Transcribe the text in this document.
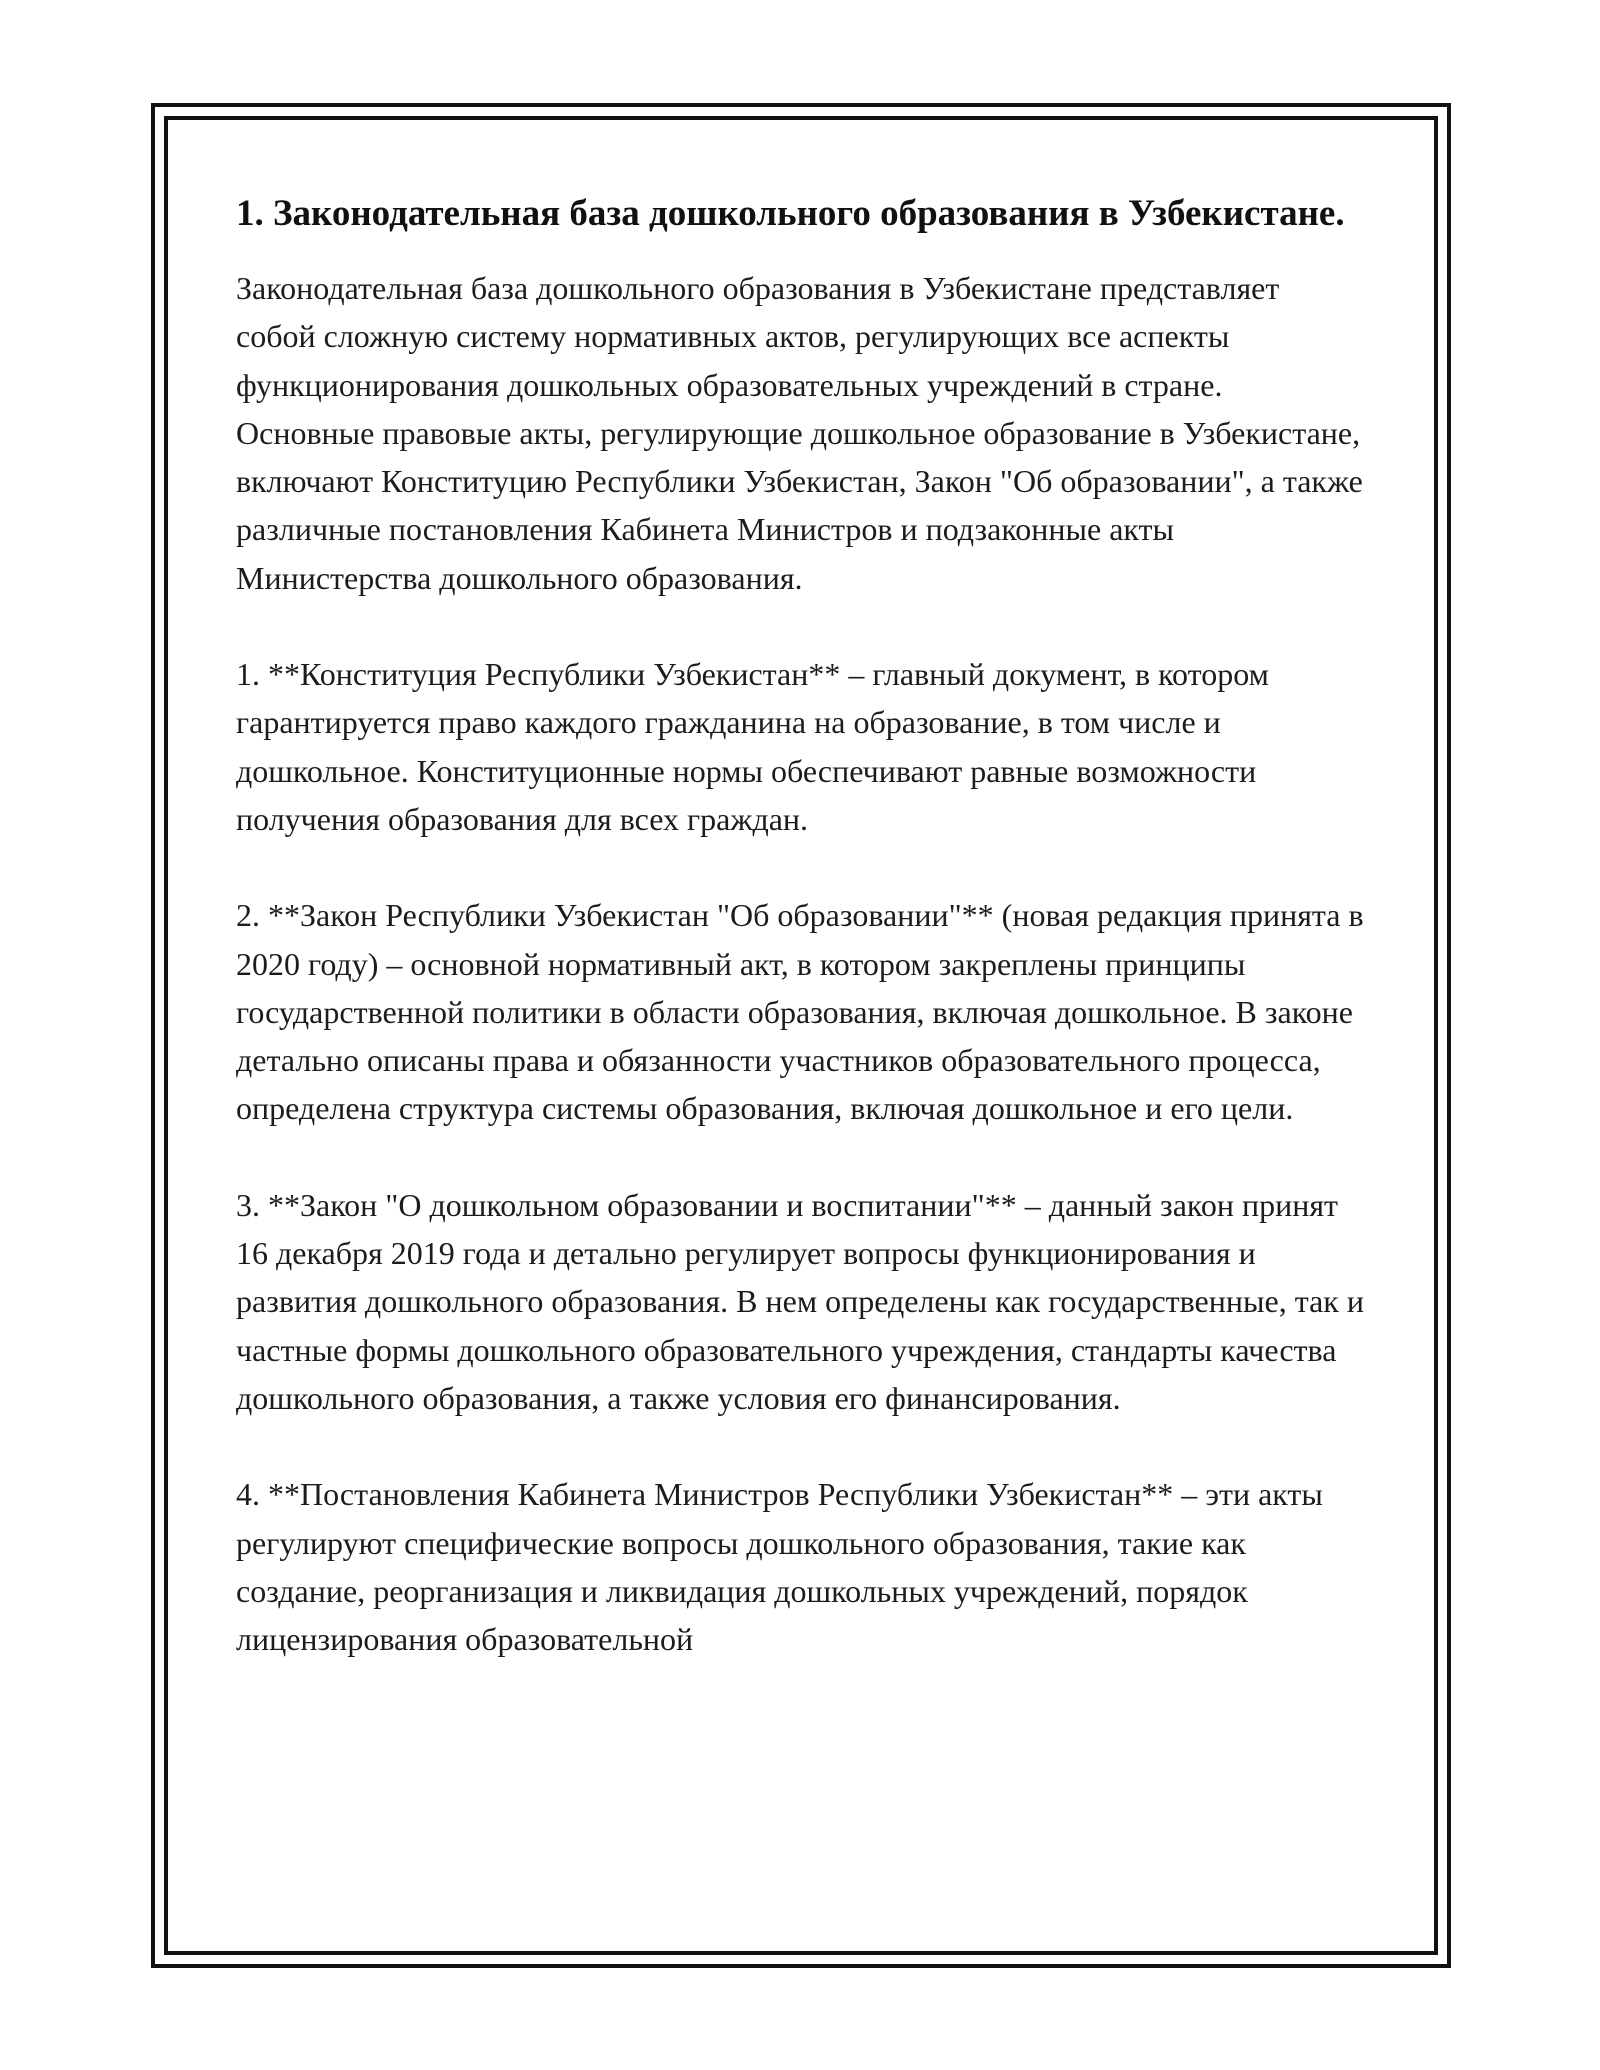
1. Законодательная база дошкольного образования в Узбекистане.

Законодательная база дошкольного образования в Узбекистане представляет собой сложную систему нормативных актов, регулирующих все аспекты функционирования дошкольных образовательных учреждений в стране. Основные правовые акты, регулирующие дошкольное образование в Узбекистане, включают Конституцию Республики Узбекистан, Закон "Об образовании", а также различные постановления Кабинета Министров и подзаконные акты Министерства дошкольного образования.

1. **Конституция Республики Узбекистан** – главный документ, в котором гарантируется право каждого гражданина на образование, в том числе и дошкольное. Конституционные нормы обеспечивают равные возможности получения образования для всех граждан.

2. **Закон Республики Узбекистан "Об образовании"** (новая редакция принята в 2020 году) – основной нормативный акт, в котором закреплены принципы государственной политики в области образования, включая дошкольное. В законе детально описаны права и обязанности участников образовательного процесса, определена структура системы образования, включая дошкольное и его цели.

3. **Закон "О дошкольном образовании и воспитании"** – данный закон принят 16 декабря 2019 года и детально регулирует вопросы функционирования и развития дошкольного образования. В нем определены как государственные, так и частные формы дошкольного образовательного учреждения, стандарты качества дошкольного образования, а также условия его финансирования.

4. **Постановления Кабинета Министров Республики Узбекистан** – эти акты регулируют специфические вопросы дошкольного образования, такие как создание, реорганизация и ликвидация дошкольных учреждений, порядок лицензирования образовательной
